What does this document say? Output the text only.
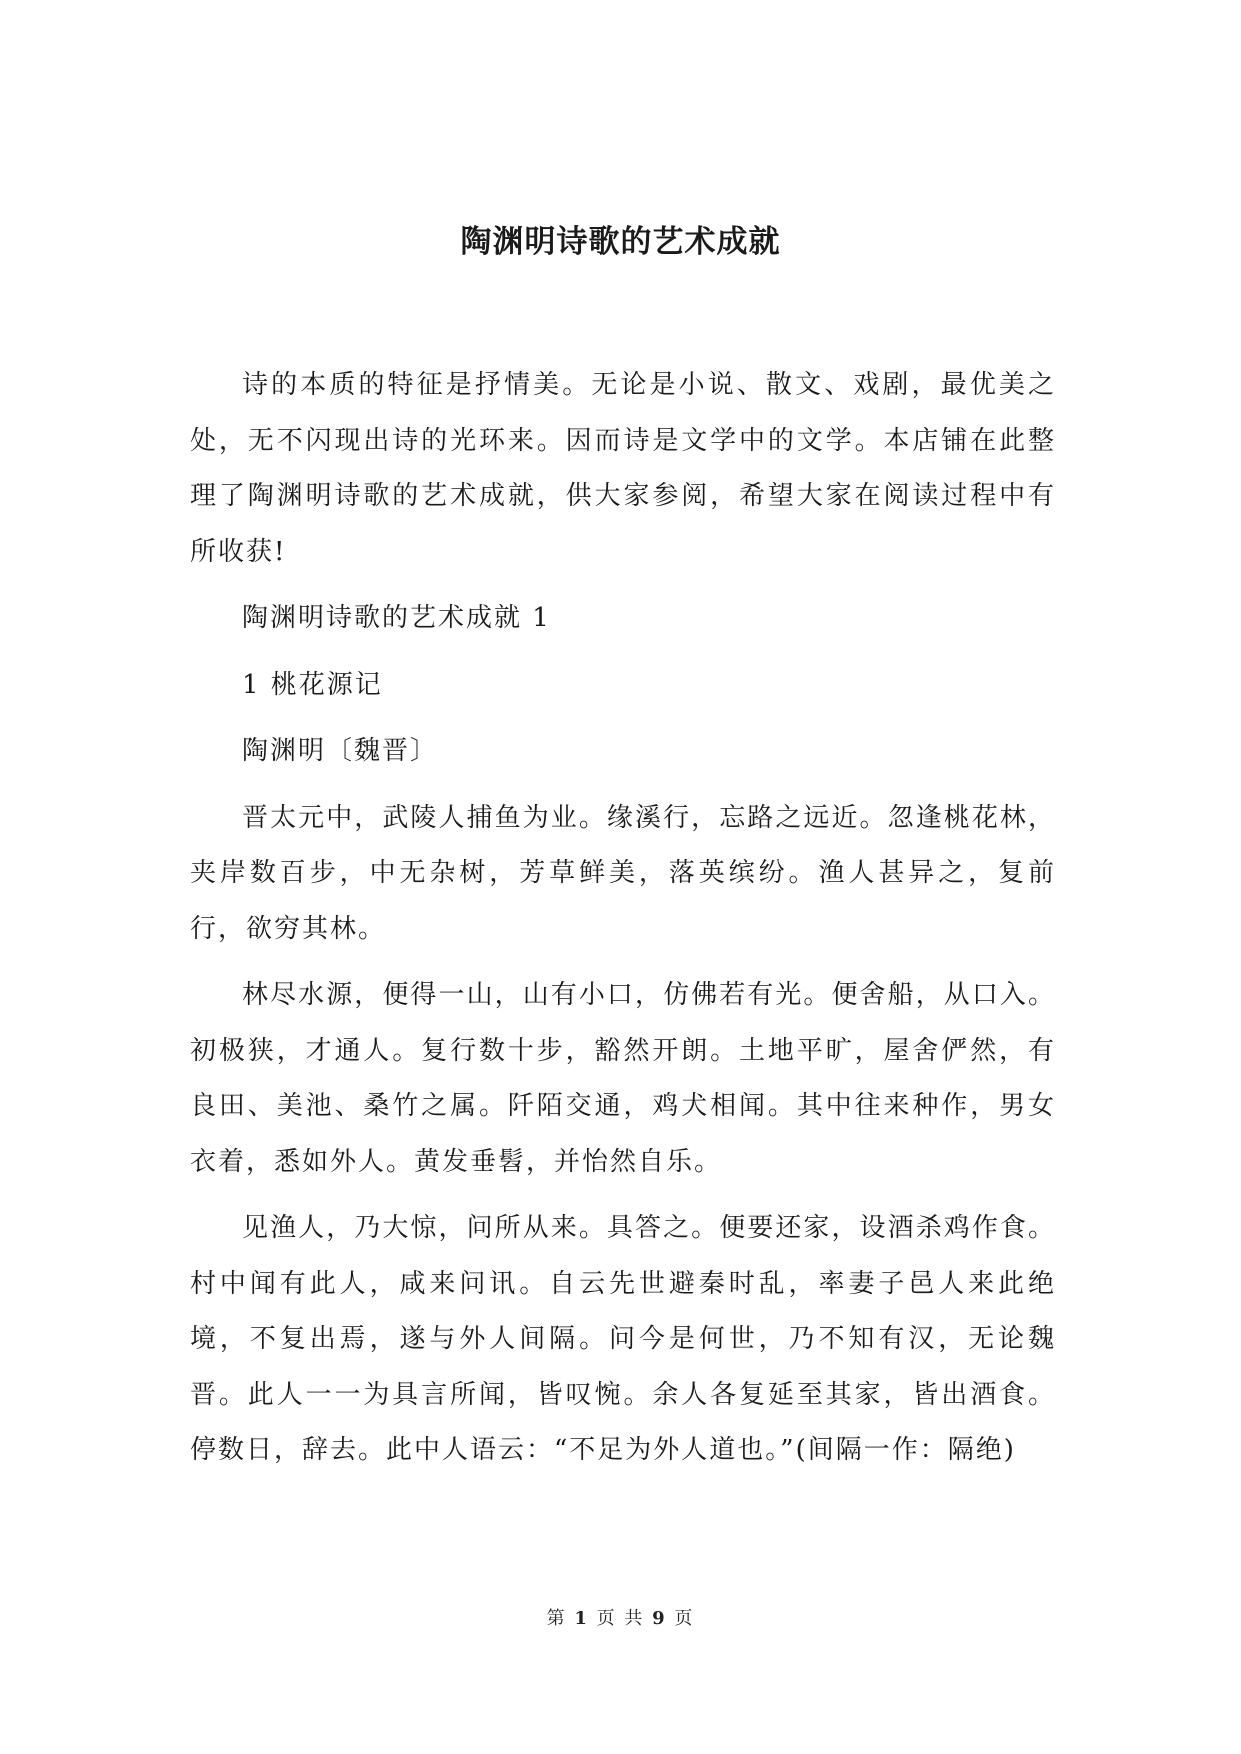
陶渊明诗歌的艺术成就

诗的本质的特征是抒情美。无论是小说、散文、戏剧，最优美之处，无不闪现出诗的光环来。因而诗是文学中的文学。本店铺在此整理了陶渊明诗歌的艺术成就，供大家参阅，希望大家在阅读过程中有所收获!

陶渊明诗歌的艺术成就 1

1 桃花源记

陶渊明〔魏晋〕

晋太元中，武陵人捕鱼为业。缘溪行，忘路之远近。忽逢桃花林，夹岸数百步，中无杂树，芳草鲜美，落英缤纷。渔人甚异之，复前行，欲穷其林。

林尽水源，便得一山，山有小口，仿佛若有光。便舍船，从口入。初极狭，才通人。复行数十步，豁然开朗。土地平旷，屋舍俨然，有良田、美池、桑竹之属。阡陌交通，鸡犬相闻。其中往来种作，男女衣着，悉如外人。黄发垂髫，并怡然自乐。

见渔人，乃大惊，问所从来。具答之。便要还家，设酒杀鸡作食。村中闻有此人，咸来问讯。自云先世避秦时乱，率妻子邑人来此绝境，不复出焉，遂与外人间隔。问今是何世，乃不知有汉，无论魏晋。此人一一为具言所闻，皆叹惋。余人各复延至其家，皆出酒食。停数日，辞去。此中人语云：“不足为外人道也。”(间隔一作：隔绝)

第 1 页 共 9 页
